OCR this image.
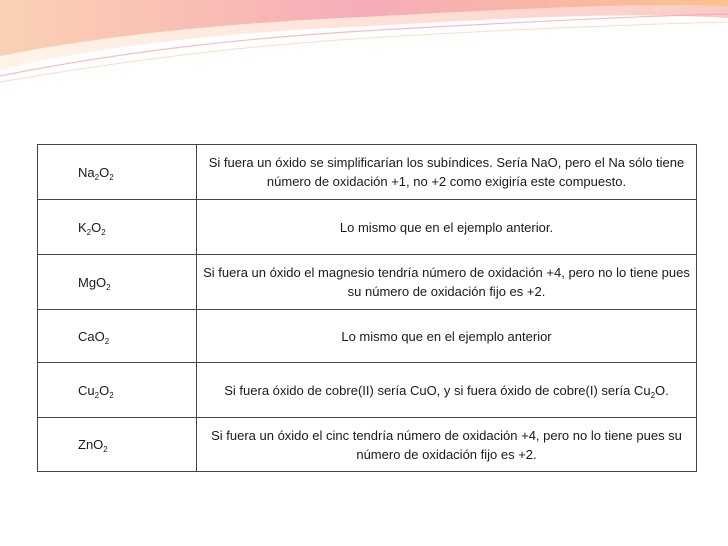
$Na_2O_2$	Si fuera un óxido se simplificarían los subíndices. Sería NaO, pero el Na sólo tiene número de oxidación +1, no +2 como exigiría este compuesto.
$K_2O_2$	Lo mismo que en el ejemplo anterior.
MgO$_2$	Si fuera un óxido el magnesio tendría número de oxidación +4, pero no lo tiene pues su número de oxidación fijo es +2.
CaO$_2$	Lo mismo que en el ejemplo anterior
$Cu_2O_2$	Si fuera óxido de cobre(II) sería CuO, y si fuera óxido de cobre(I) sería $Cu_2O$.
ZnO$_2$	Si fuera un óxido el cinc tendría número de oxidación +4, pero no lo tiene pues su número de oxidación fijo es +2.
